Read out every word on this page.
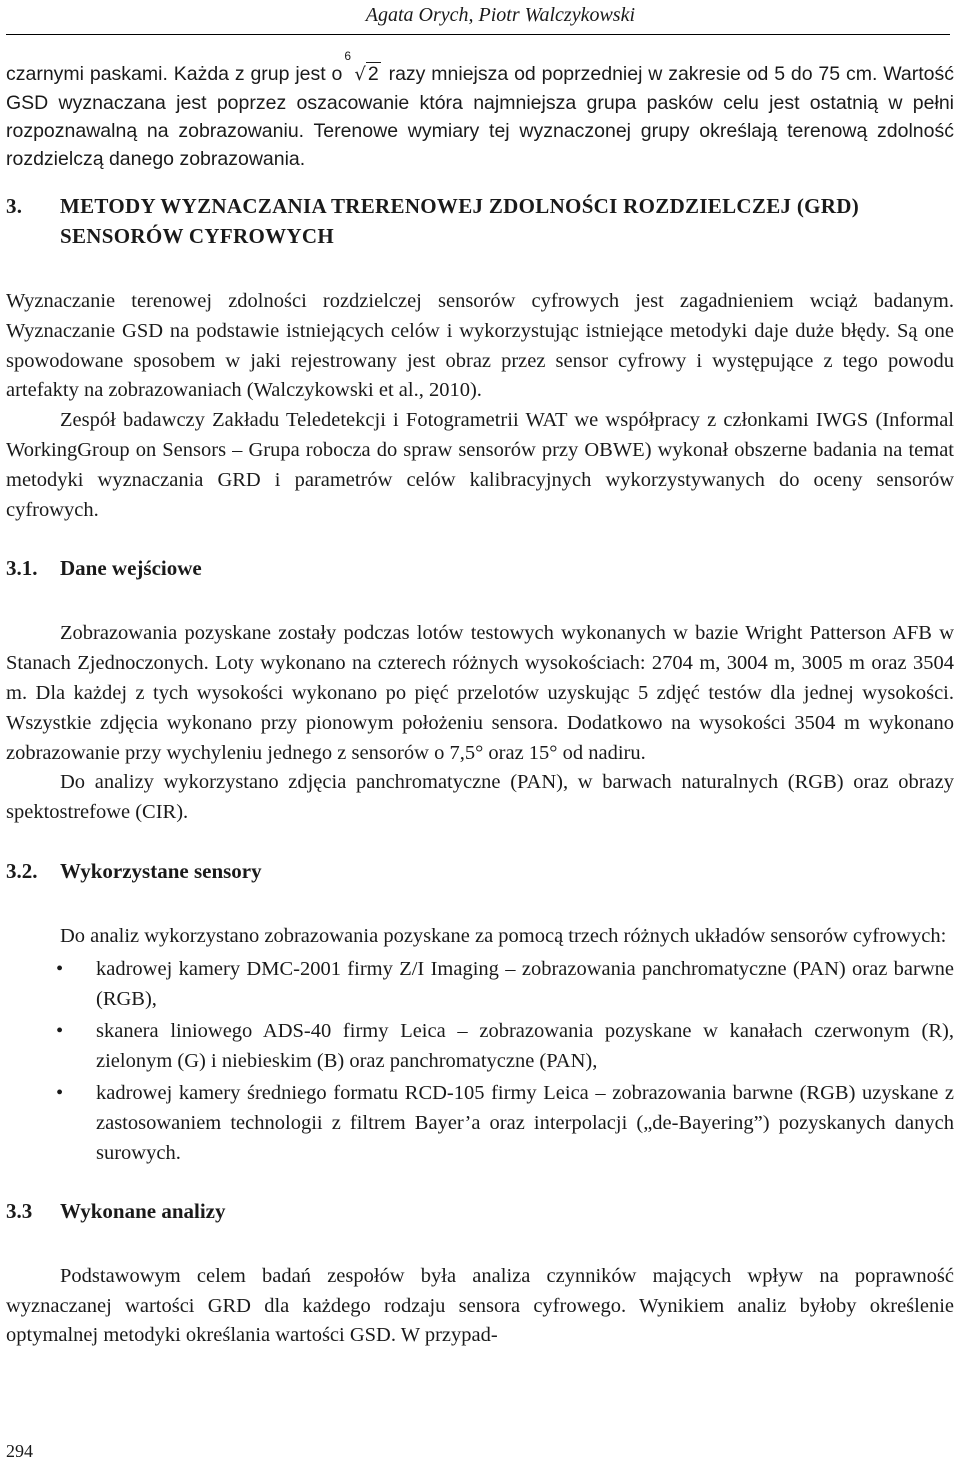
Agata Orych, Piotr Walczykowski

czarnymi paskami. Każda z grup jest o
6
√ 2 razy mniejsza od poprzedniej w zakresie od 5 do 75 cm. Wartość GSD wyznaczana jest poprzez oszacowanie która najmniejsza grupa pasków celu jest ostatnią w pełni rozpoznawalną na zobrazowaniu. Terenowe wymiary tej wyznaczonej grupy określają terenową zdolność rozdzielczą danego zobrazowania.

3.	METODY WYZNACZANIA TRERENOWEJ ZDOLNOŚCI ROZDZIELCZEJ (GRD) SENSORÓW CYFROWYCH

Wyznaczanie terenowej zdolności rozdzielczej sensorów cyfrowych jest zagadnieniem wciąż badanym. Wyznaczanie GSD na podstawie istniejących celów i wykorzystując istniejące metodyki daje duże błędy. Są one spowodowane sposobem w jaki rejestrowany jest obraz przez sensor cyfrowy i występujące z tego powodu artefakty na zobrazowaniach (Walczykowski et al., 2010).

Zespół badawczy Zakładu Teledetekcji i Fotogrametrii WAT we współpracy z członkami IWGS (Informal WorkingGroup on Sensors – Grupa robocza do spraw sensorów przy OBWE) wykonał obszerne badania na temat metodyki wyznaczania GRD i parametrów celów kalibracyjnych wykorzystywanych do oceny sensorów cyfrowych.

3.1.	Dane wejściowe

Zobrazowania pozyskane zostały podczas lotów testowych wykonanych w bazie Wright Patterson AFB w Stanach Zjednoczonych. Loty wykonano na czterech różnych wysokościach: 2704 m, 3004 m, 3005 m oraz 3504 m. Dla każdej z tych wysokości wykonano po pięć przelotów uzyskując 5 zdjęć testów dla jednej wysokości. Wszystkie zdjęcia wykonano przy pionowym położeniu sensora. Dodatkowo na wysokości 3504 m wykonano zobrazowanie przy wychyleniu jednego z sensorów o 7,5° oraz 15° od nadiru.

Do analizy wykorzystano zdjęcia panchromatyczne (PAN), w barwach naturalnych (RGB) oraz obrazy spektostrefowe (CIR).

3.2.	Wykorzystane sensory

Do analiz wykorzystano zobrazowania pozyskane za pomocą trzech różnych układów sensorów cyfrowych:

• kadrowej kamery DMC-2001 firmy Z/I Imaging – zobrazowania panchromatyczne (PAN) oraz barwne (RGB),
• skanera liniowego ADS-40 firmy Leica – zobrazowania pozyskane w kanałach czerwonym (R), zielonym (G) i niebieskim (B) oraz panchromatyczne (PAN),
• kadrowej kamery średniego formatu RCD-105 firmy Leica – zobrazowania barwne (RGB) uzyskane z zastosowaniem technologii z filtrem Bayer’a oraz interpolacji („de-Bayering”) pozyskanych danych surowych.
3.3	Wykonane analizy

Podstawowym celem badań zespołów była analiza czynników mających wpływ na poprawność wyznaczanej wartości GRD dla każdego rodzaju sensora cyfrowego. Wynikiem analiz byłoby określenie optymalnej metodyki określania wartości GSD. W przypad-

294
